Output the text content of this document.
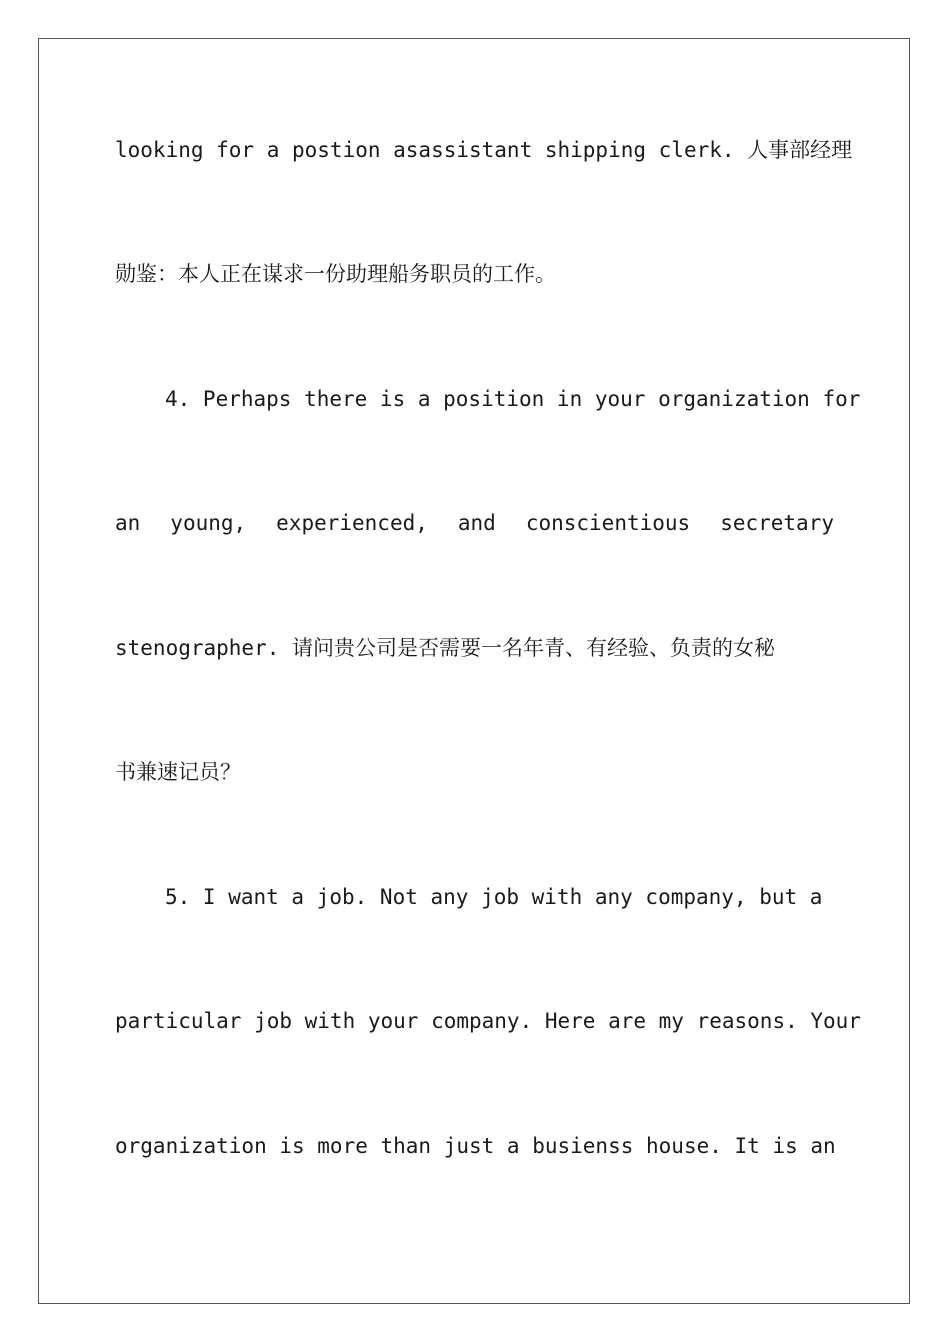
looking for a postion asassistant shipping clerk. 人事部经理
勋鉴：本人正在谋求一份助理船务职员的工作。
4. Perhaps there is a position in your organization for
an young, experienced, and conscientious secretary
stenographer. 请问贵公司是否需要一名年青、有经验、负责的女秘
书兼速记员？
5. I want a job. Not any job with any company, but a
particular job with your company. Here are my reasons. Your
organization is more than just a busienss house. It is an
